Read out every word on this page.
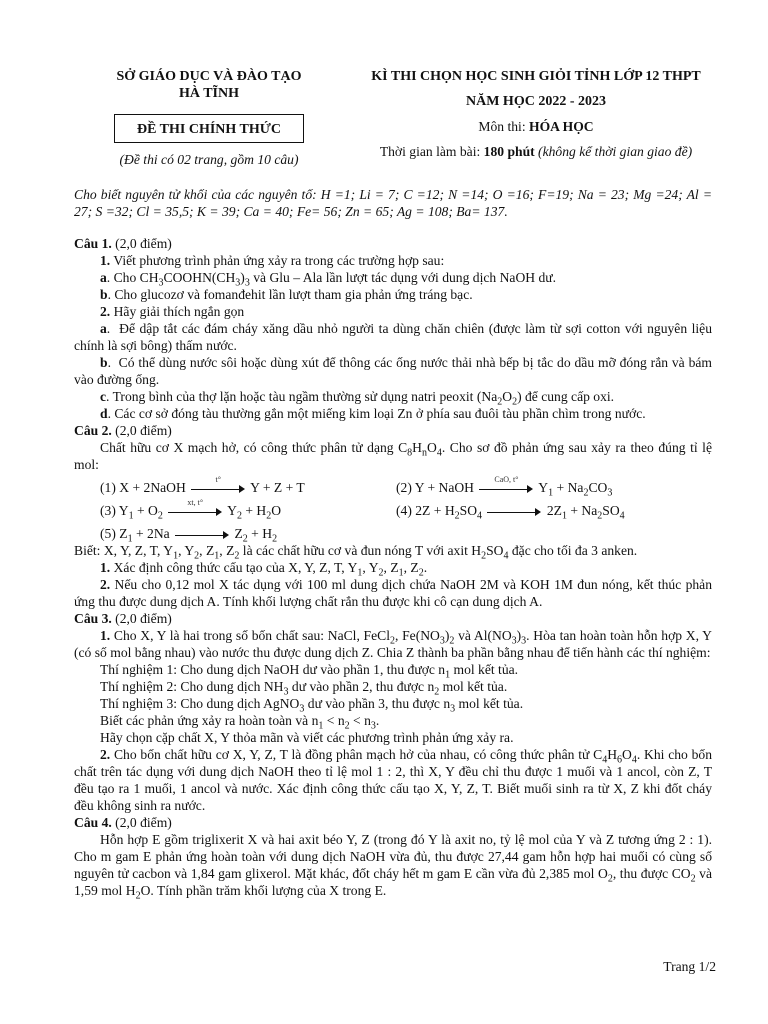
SỞ GIÁO DỤC VÀ ĐÀO TẠO
HÀ TĨNH
ĐỀ THI CHÍNH THỨC
(Đề thi có 02 trang, gồm 10 câu)
KÌ THI CHỌN HỌC SINH GIỎI TỈNH LỚP 12 THPT
NĂM HỌC 2022 - 2023
Môn thi: HÓA HỌC
Thời gian làm bài: 180 phút (không kể thời gian giao đề)

Cho biết nguyên tử khối của các nguyên tố: H =1; Li = 7; C =12; N =14; O =16; F=19; Na = 23; Mg =24; Al = 27; S =32; Cl = 35,5; K = 39; Ca = 40; Fe= 56; Zn = 65; Ag = 108; Ba= 137.

Câu 1. (2,0 điểm)

1. Viết phương trình phản ứng xảy ra trong các trường hợp sau:

a. Cho $CH_3COOHN(CH_3)_3$ và Glu – Ala lần lượt tác dụng với dung dịch NaOH dư.

b. Cho glucozơ và fomanđehit lần lượt tham gia phản ứng tráng bạc.

2. Hãy giải thích ngắn gọn

a.  Để dập tắt các đám cháy xăng dầu nhỏ người ta dùng chăn chiên (được làm từ sợi cotton với nguyên liệu chính là sợi bông) thấm nước.

b.  Có thể dùng nước sôi hoặc dùng xút để thông các ống nước thải nhà bếp bị tắc do dầu mỡ đóng rắn và bám vào đường ống.

c. Trong bình của thợ lặn hoặc tàu ngầm thường sử dụng natri peoxit $(Na_2O_2)$ để cung cấp oxi.

d. Các cơ sở đóng tàu thường gắn một miếng kim loại Zn ở phía sau đuôi tàu phần chìm trong nước.

Câu 2. (2,0 điểm)

Chất hữu cơ X mạch hở, có công thức phân tử dạng $C_8H_nO_4$. Cho sơ đồ phản ứng sau xảy ra theo đúng tỉ lệ mol:

(1) X + 2NaOH
t°
Y + Z + T	(2) Y + NaOH
CaO, t°
$Y_1 + Na_2CO_3$
(3) $Y_1 + O_2$
xt, t°
$Y_2 + H_2O$	(4) $2Z + H_2SO_4$	$2Z_1 + Na_2SO_4$
(5) $Z_1 + 2Na$	$Z_2 + H_2$

Biết: X, Y, Z, T, $Y_1$, $Y_2$, $Z_1$, $Z_2$ là các chất hữu cơ và đun nóng T với axit $H_2SO_4$ đặc cho tối đa 3 anken.

1. Xác định công thức cấu tạo của X, Y, Z, T, $Y_1$, $Y_2$, $Z_1$, $Z_2$.

2. Nếu cho 0,12 mol X tác dụng với 100 ml dung dịch chứa NaOH 2M và KOH 1M đun nóng, kết thúc phản ứng thu được dung dịch A. Tính khối lượng chất rắn thu được khi cô cạn dung dịch A.

Câu 3. (2,0 điểm)

1. Cho X, Y là hai trong số bốn chất sau: NaCl, FeCl$_2$, $Fe(NO_3)_2$ và $Al(NO_3)_3$. Hòa tan hoàn toàn hỗn hợp X, Y (có số mol bằng nhau) vào nước thu được dung dịch Z. Chia Z thành ba phần bằng nhau để tiến hành các thí nghiệm:

Thí nghiệm 1: Cho dung dịch NaOH dư vào phần 1, thu được $n_1$ mol kết tủa.

Thí nghiệm 2: Cho dung dịch $NH_3$ dư vào phần 2, thu được $n_2$ mol kết tủa.

Thí nghiệm 3: Cho dung dịch AgNO$_3$ dư vào phần 3, thu được $n_3$ mol kết tủa.

Biết các phản ứng xảy ra hoàn toàn và $n_1 < n_2 < n_3$.

Hãy chọn cặp chất X, Y thỏa mãn và viết các phương trình phản ứng xảy ra.

2. Cho bốn chất hữu cơ X, Y, Z, T là đồng phân mạch hở của nhau, có công thức phân tử $C_4H_6O_4$. Khi cho bốn chất trên tác dụng với dung dịch NaOH theo tỉ lệ mol 1 : 2, thì X, Y đều chỉ thu được 1 muối và 1 ancol, còn Z, T đều tạo ra 1 muối, 1 ancol và nước. Xác định công thức cấu tạo X, Y, Z, T. Biết muối sinh ra từ X, Z khi đốt cháy đều không sinh ra nước.

Câu 4. (2,0 điểm)

Hỗn hợp E gồm triglixerit X và hai axit béo Y, Z (trong đó Y là axit no, tỷ lệ mol của Y và Z tương ứng 2 : 1). Cho m gam E phản ứng hoàn toàn với dung dịch NaOH vừa đủ, thu được 27,44 gam hỗn hợp hai muối có cùng số nguyên tử cacbon và 1,84 gam glixerol. Mặt khác, đốt cháy hết m gam E cần vừa đủ 2,385 mol $O_2$, thu được $CO_2$ và 1,59 mol $H_2O$. Tính phần trăm khối lượng của X trong E.

Trang 1/2
